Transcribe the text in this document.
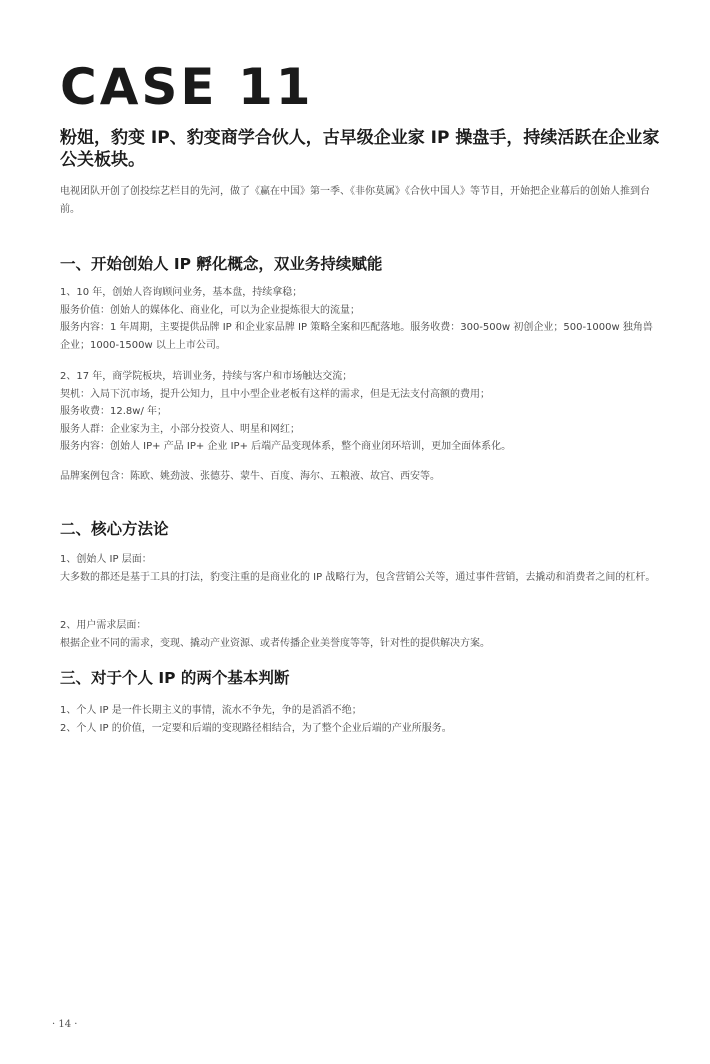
CASE 11
粉姐，豹变 IP、豹变商学合伙人，古早级企业家 IP 操盘手，持续活跃在企业家公关板块。

电视团队开创了创投综艺栏目的先河，做了《赢在中国》第一季、《非你莫属》《合伙中国人》等节目，开始把企业幕后的创始人推到台前。

一、开始创始人 IP 孵化概念，双业务持续赋能

1、10 年，创始人咨询顾问业务，基本盘，持续拿稳；

服务价值：创始人的媒体化、商业化，可以为企业提炼很大的流量；

服务内容：1 年周期，主要提供品牌 IP 和企业家品牌 IP 策略全案和匹配落地。服务收费：300-500w 初创企业；500-1000w 独角兽企业；1000-1500w 以上上市公司。

2、17 年，商学院板块，培训业务，持续与客户和市场触达交流；

契机：入局下沉市场，提升公知力，且中小型企业老板有这样的需求，但是无法支付高额的费用；

服务收费：12.8w/ 年；

服务人群：企业家为主，小部分投资人、明星和网红；

服务内容：创始人 IP+ 产品 IP+ 企业 IP+ 后端产品变现体系，整个商业闭环培训，更加全面体系化。

品牌案例包含：陈欧、姚劲波、张德芬、蒙牛、百度、海尔、五粮液、故宫、西安等。

二、核心方法论

1、创始人 IP 层面：

大多数的都还是基于工具的打法，豹变注重的是商业化的 IP 战略行为，包含营销公关等，通过事件营销，去撬动和消费者之间的杠杆。

2、用户需求层面：

根据企业不同的需求，变现、撬动产业资源、或者传播企业美誉度等等，针对性的提供解决方案。

三、对于个人 IP 的两个基本判断

1、个人 IP 是一件长期主义的事情，流水不争先，争的是滔滔不绝；

2、个人 IP 的价值，一定要和后端的变现路径相结合，为了整个企业后端的产业所服务。

· 14 ·
